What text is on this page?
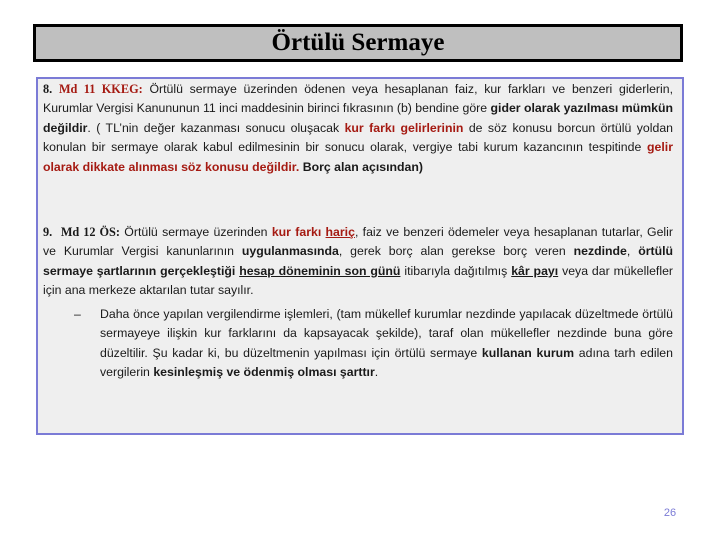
Örtülü Sermaye

8. Md 11 KKEG: Örtülü sermaye üzerinden ödenen veya hesaplanan faiz, kur farkları ve benzeri giderlerin, Kurumlar Vergisi Kanununun 11 inci maddesinin birinci fıkrasının (b) bendine göre gider olarak yazılması mümkün değildir. ( TL’nin değer kazanması sonucu oluşacak kur farkı gelirlerinin de söz konusu borcun örtülü yoldan konulan bir sermaye olarak kabul edilmesinin bir sonucu olarak, vergiye tabi kurum kazancının tespitinde gelir olarak dikkate alınması söz konusu değildir. Borç alan açısından)

9. Md 12 ÖS: Örtülü sermaye üzerinden kur farkı hariç, faiz ve benzeri ödemeler veya hesaplanan tutarlar, Gelir ve Kurumlar Vergisi kanunlarının uygulanmasında, gerek borç alan gerekse borç veren nezdinde, örtülü sermaye şartlarının gerçekleştiği hesap döneminin son günü itibarıyla dağıtılmış kâr payı veya dar mükellefler için ana merkeze aktarılan tutar sayılır.

– Daha önce yapılan vergilendirme işlemleri, (tam mükellef kurumlar nezdinde yapılacak düzeltmede örtülü sermayeye ilişkin kur farklarını da kapsayacak şekilde), taraf olan mükellefler nezdinde buna göre düzeltilir. Şu kadar ki, bu düzeltmenin yapılması için örtülü sermaye kullanan kurum adına tarh edilen vergilerin kesinleşmiş ve ödenmiş olması şarttır.

26
